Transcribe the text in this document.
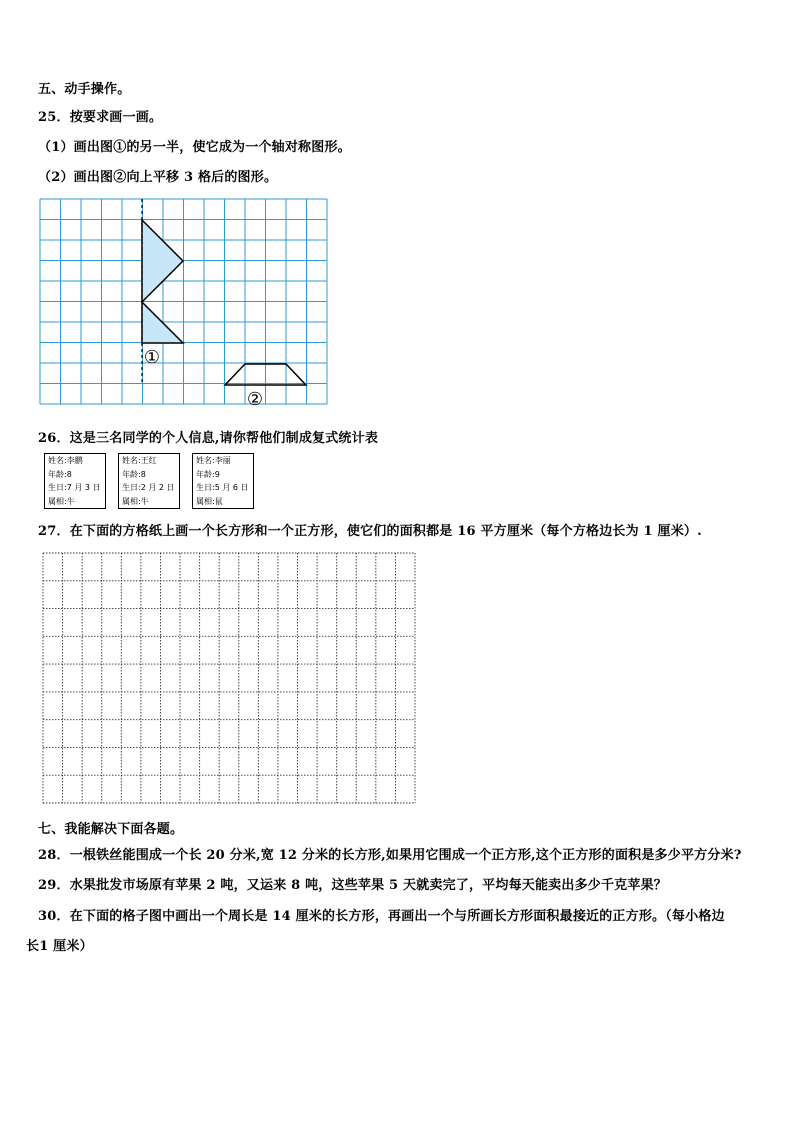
五、动手操作。
25．按要求画一画。
（1）画出图①的另一半，使它成为一个轴对称图形。
（2）画出图②向上平移 3 格后的图形。
①
②
26．这是三名同学的个人信息,请你帮他们制成复式统计表
姓名:李鹏
年龄:8
生日:7 月 3 日
属相:牛
姓名:王红
年龄:8
生日:2 月 2 日
属相:牛
姓名:李丽
年龄:9
生日:5 月 6 日
属相:鼠
27．在下面的方格纸上画一个长方形和一个正方形，使它们的面积都是 16 平方厘米（每个方格边长为 1 厘米）.
七、我能解决下面各题。
28．一根铁丝能围成一个长 20 分米,宽 12 分米的长方形,如果用它围成一个正方形,这个正方形的面积是多少平方分米?
29．水果批发市场原有苹果 2 吨，又运来 8 吨，这些苹果 5 天就卖完了，平均每天能卖出多少千克苹果？
30．在下面的格子图中画出一个周长是 14 厘米的长方形，再画出一个与所画长方形面积最接近的正方形。（每小格边
长1 厘米）
